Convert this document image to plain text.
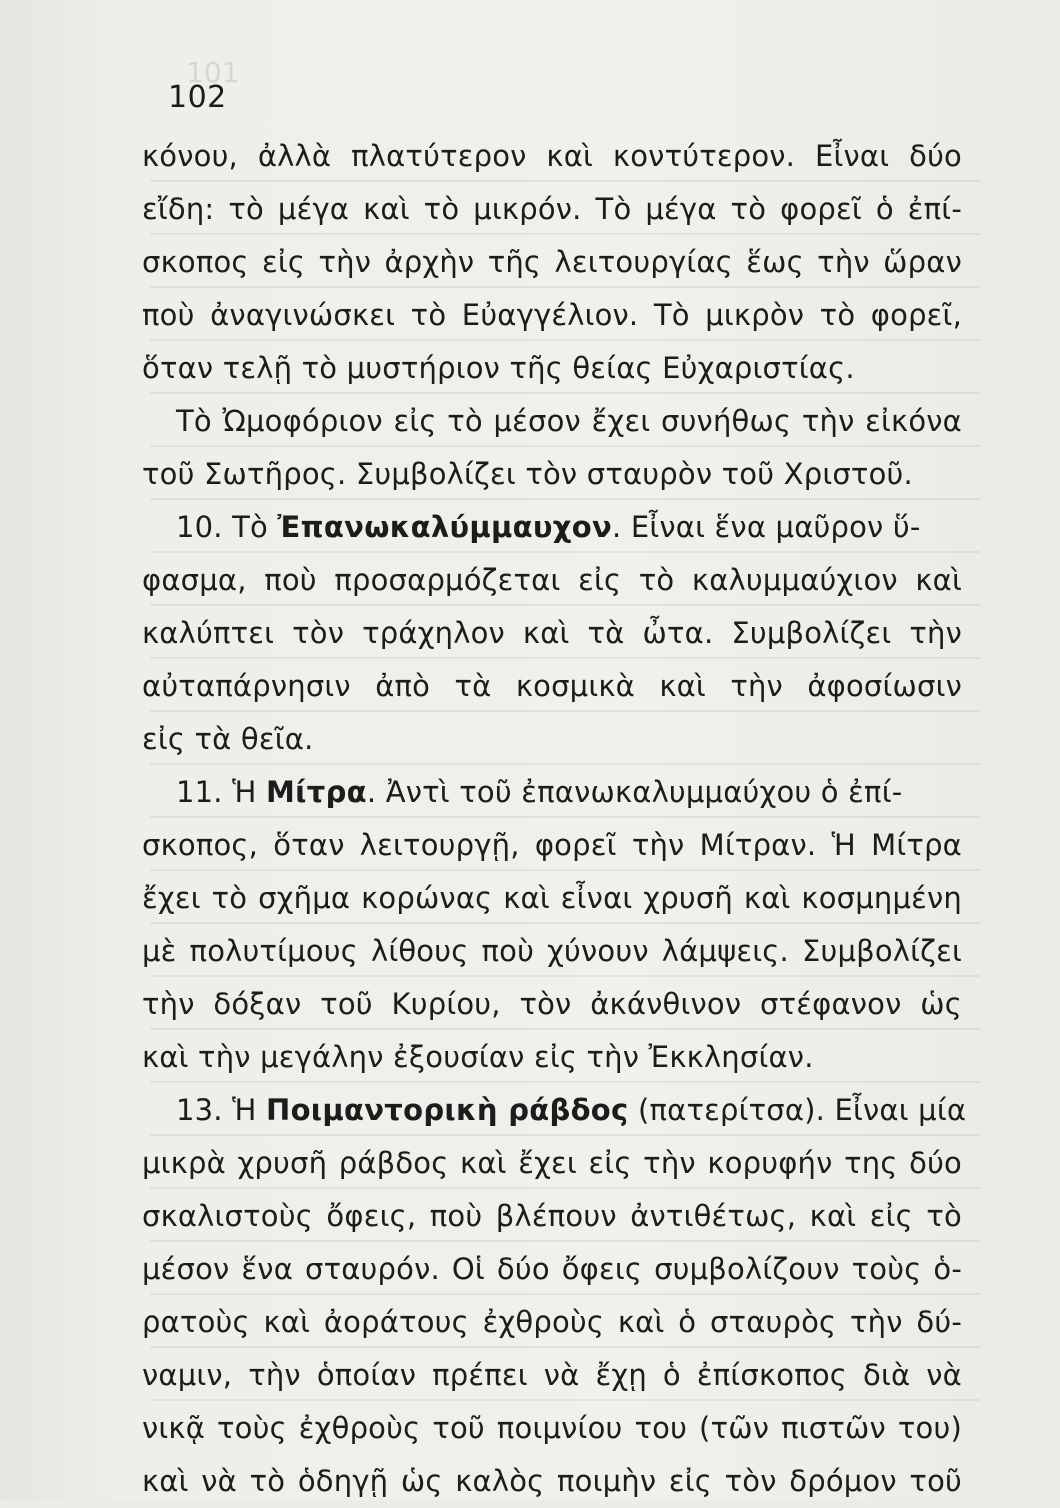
101
102
κόνου, ἀλλὰ πλατύτερον καὶ κοντύτερον. Εἶναι δύο
εἴδη: τὸ μέγα καὶ τὸ μικρόν. Τὸ μέγα τὸ φορεῖ ὁ ἐπί-
σκοπος εἰς τὴν ἀρχὴν τῆς λειτουργίας ἕως τὴν ὥραν
ποὺ ἀναγινώσκει τὸ Εὐαγγέλιον. Τὸ μικρὸν τὸ φορεῖ,
ὅταν τελῇ τὸ μυστήριον τῆς θείας Εὐχαριστίας.
Τὸ Ὠμοφόριον εἰς τὸ μέσον ἔχει συνήθως τὴν εἰκόνα
τοῦ Σωτῆρος. Συμβολίζει τὸν σταυρὸν τοῦ Χριστοῦ.
10. Τὸ Ἐπανωκαλύμμαυχον. Εἶναι ἕνα μαῦρον ὕ-
φασμα, ποὺ προσαρμόζεται εἰς τὸ καλυμμαύχιον καὶ
καλύπτει τὸν τράχηλον καὶ τὰ ὦτα. Συμβολίζει τὴν
αὐταπάρνησιν ἀπὸ τὰ κοσμικὰ καὶ τὴν ἀφοσίωσιν
εἰς τὰ θεῖα.
11. Ἡ Μίτρα. Ἀντὶ τοῦ ἐπανωκαλυμμαύχου ὁ ἐπί-
σκοπος, ὅταν λειτουργῇ, φορεῖ τὴν Μίτραν. Ἡ Μίτρα
ἔχει τὸ σχῆμα κορώνας καὶ εἶναι χρυσῆ καὶ κοσμημένη
μὲ πολυτίμους λίθους ποὺ χύνουν λάμψεις. Συμβολίζει
τὴν δόξαν τοῦ Κυρίου, τὸν ἀκάνθινον στέφανον ὡς
καὶ τὴν μεγάλην ἐξουσίαν εἰς τὴν Ἐκκλησίαν.
13. Ἡ Ποιμαντορικὴ ράβδος (πατερίτσα). Εἶναι μία
μικρὰ χρυσῆ ράβδος καὶ ἔχει εἰς τὴν κορυφήν της δύο
σκαλιστοὺς ὄφεις, ποὺ βλέπουν ἀντιθέτως, καὶ εἰς τὸ
μέσον ἕνα σταυρόν. Οἱ δύο ὄφεις συμβολίζουν τοὺς ὁ-
ρατοὺς καὶ ἀοράτους ἐχθροὺς καὶ ὁ σταυρὸς τὴν δύ-
ναμιν, τὴν ὁποίαν πρέπει νὰ ἔχῃ ὁ ἐπίσκοπος διὰ νὰ
νικᾷ τοὺς ἐχθροὺς τοῦ ποιμνίου του (τῶν πιστῶν του)
καὶ νὰ τὸ ὁδηγῇ ὡς καλὸς ποιμὴν εἰς τὸν δρόμον τοῦ
